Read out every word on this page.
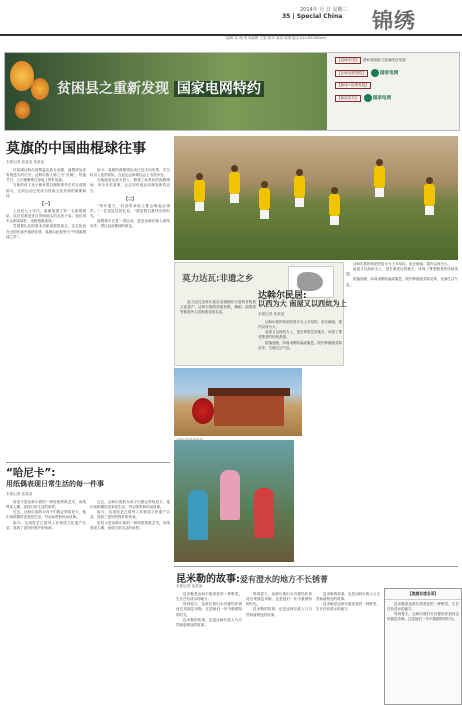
2014年 月 日 星期三
35 | Special China 锦绣
编辑 高 翔 美术编辑 王某 校对 某某 联系电话 010-65369xxx
贫困县之重新发现 国家电网特约
【县域中国】 国家电网助力县域经济发展
【区域发展观察】	国家电网
【新闻+县城发展】
【新闻发布】	国家电网
莫旗的中国曲棍球往事
本报记者 张某某 高某某

在莫旗达斡尔族鄂温克族自治旗，曲棍球运动有着悠久的历史。达斡尔族人称之为“贝阔”，每逢节日，人们便聚集在草地上挥杆追逐。

当地的孩子从小就拿着自制的球杆在村头巷尾练习，这项运动已经成为民族文化传承的重要载体。

【一】

上世纪七十年代，莫旗组建了第一支曲棍球队，队员们都是来自田间地头的农民子弟。他们用木头削成球杆，用树根做成球。

凭借着扎实的基本功和顽强的意志，这支队伍在全国比赛中屡获佳绩，莫旗由此被誉为“中国曲棍球之乡”。

如今，莫旗的曲棍球运动已经走向世界，多名队员入选国家队，在亚运会和奥运会上为国争光。

当地政府也加大投入，修建了标准化的曲棍球场，举办各类赛事，让这项传统运动焕发新的活力。

【二】

“每年夏天，村里的草场上都会响起击球声。”一位老队员回忆说，“那是我们最快乐的时光。”

曲棍球不仅是一项运动，更是达斡尔族人团结协作、勇往直前精神的象征。

莫力达瓦:非遗之乡

莫力达瓦达斡尔族自治旗拥有丰富的非物质文化遗产，达斡尔族的传统民歌、舞蹈、曲棍球等都被列入国家级非遗名录。

达斡尔民居:
以西为大 南屋又以西炕为上
本报记者 某某某

达斡尔族的传统民居多为土木结构，坐北朝南，屋内以西为大。

南屋又以西炕为上，是长辈居住的地方，体现了尊老敬老的传统美德。

院落宽敞，四周用柳条编成篱笆，院内种植蔬菜和花草，充满生活气息。

达斡尔族的传统民居多为土木结构，坐北朝南，屋内以西为大。

南屋又以西炕为上，是长辈居住的地方，体现了尊老敬老的传统美德。

院落宽敞，四周用柳条编成篱笆，院内种植蔬菜和花草，充满生活气息。

“哈尼卡”:
用纸偶表现日常生活的每一件事
本报记者 某某某

哈尼卡是达斡尔族的一种传统剪纸艺术，用纸剪成人偶，表现日常生活的场景。

过去，达斡尔族的女孩子们都会剪哈尼卡，她们用纸偶讲述家庭生活、劳动场景和民间故事。

如今，这项技艺已被列入非物质文化遗产名录，得到了更好的保护和传承。

过去，达斡尔族的女孩子们都会剪哈尼卡，她们用纸偶讲述家庭生活、劳动场景和民间故事。

如今，这项技艺已被列入非物质文化遗产名录，得到了更好的保护和传承。

哈尼卡是达斡尔族的一种传统剪纸艺术，用纸剪成人偶，表现日常生活的场景。

昆米勒的故事:爱有澄水的地方不长锈菁
本报记者 某某某

昆米勒是达斡尔族喜爱的一种野菜，生长在有清水的地方。

每到春天，达斡尔族妇女们便结伴到河边采摘昆米勒，这是她们一年中最期待的时光。

昆米勒的故事，也是达斡尔族人与自然和谐相处的故事。

每到春天，达斡尔族妇女们便结伴到河边采摘昆米勒，这是她们一年中最期待的时光。

昆米勒的故事，也是达斡尔族人与自然和谐相处的故事。

昆米勒的故事，也是达斡尔族人与自然和谐相处的故事。

昆米勒是达斡尔族喜爱的一种野菜，生长在有清水的地方。

【莫旗非遗名录】

昆米勒是达斡尔族喜爱的一种野菜，生长在有清水的地方。

每到春天，达斡尔族妇女们便结伴到河边采摘昆米勒，这是她们一年中最期待的时光。
